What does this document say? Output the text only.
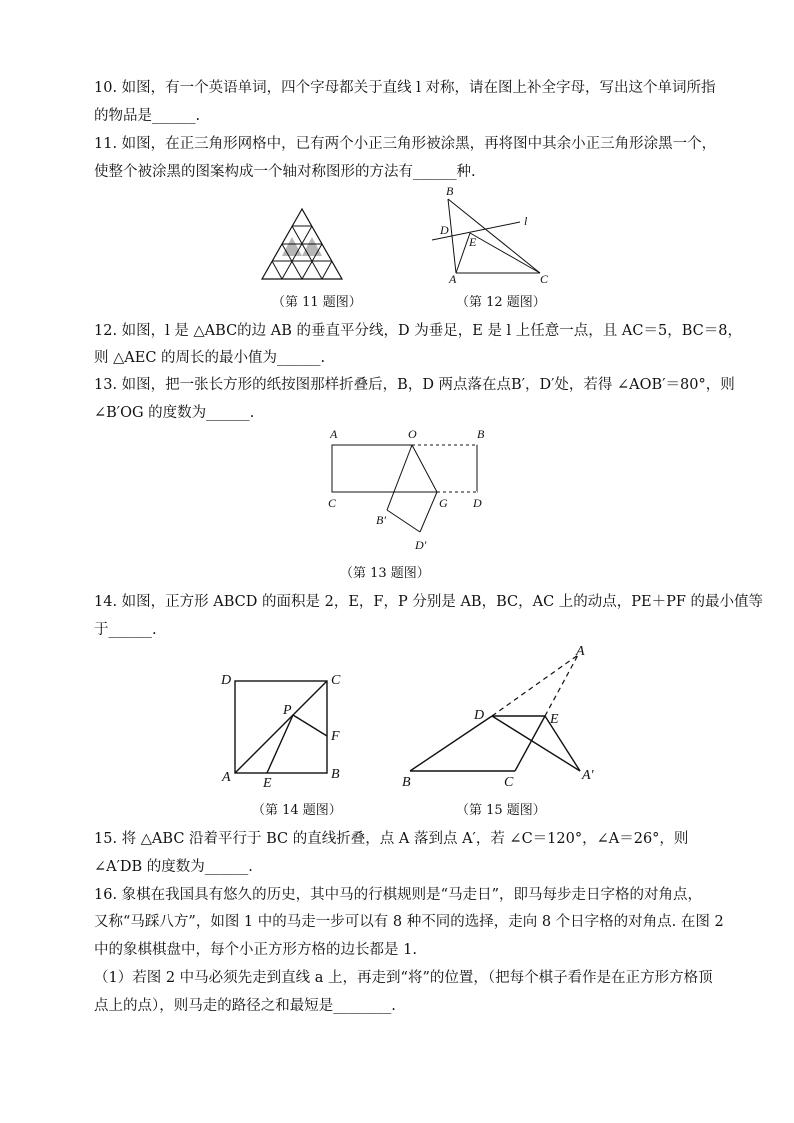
10. 如图，有一个英语单词，四个字母都关于直线 l 对称，请在图上补全字母，写出这个单词所指
的物品是______.
11. 如图，在正三角形网格中，已有两个小正三角形被涂黑，再将图中其余小正三角形涂黑一个，
使整个被涂黑的图案构成一个轴对称图形的方法有______种.
（第 11 题图）
B
D
E
l
A	C
（第 12 题图）
12. 如图，l 是 △ABC的边 AB 的垂直平分线，D 为垂足，E 是 l 上任意一点，且 AC＝5，BC＝8，
则 △AEC 的周长的最小值为______.
13. 如图，把一张长方形的纸按图那样折叠后，B，D 两点落在点B′，D′处，若得 ∠AOB′＝80°，则
∠B′OG 的度数为______.
A	O	B
C	G D
B′
D′
（第 13 题图）
14. 如图，正方形 ABCD 的面积是 2，E，F，P 分别是 AB，BC，AC 上的动点，PE＋PF 的最小值等
于______.
D	C
P
F
A E
B
（第 14 题图）
A
D	E
B	C	A′
（第 15 题图）
15. 将 △ABC 沿着平行于 BC 的直线折叠，点 A 落到点 A′，若 ∠C＝120°，∠A＝26°，则
∠A′DB 的度数为______.
16. 象棋在我国具有悠久的历史，其中马的行棋规则是“马走日”，即马每步走日字格的对角点，
又称“马踩八方”，如图 1 中的马走一步可以有 8 种不同的选择，走向 8 个日字格的对角点. 在图 2
中的象棋棋盘中，每个小正方形方格的边长都是 1.
（1）若图 2 中马必须先走到直线 a 上，再走到“将”的位置，（把每个棋子看作是在正方形方格顶
点上的点），则马走的路径之和最短是________.
